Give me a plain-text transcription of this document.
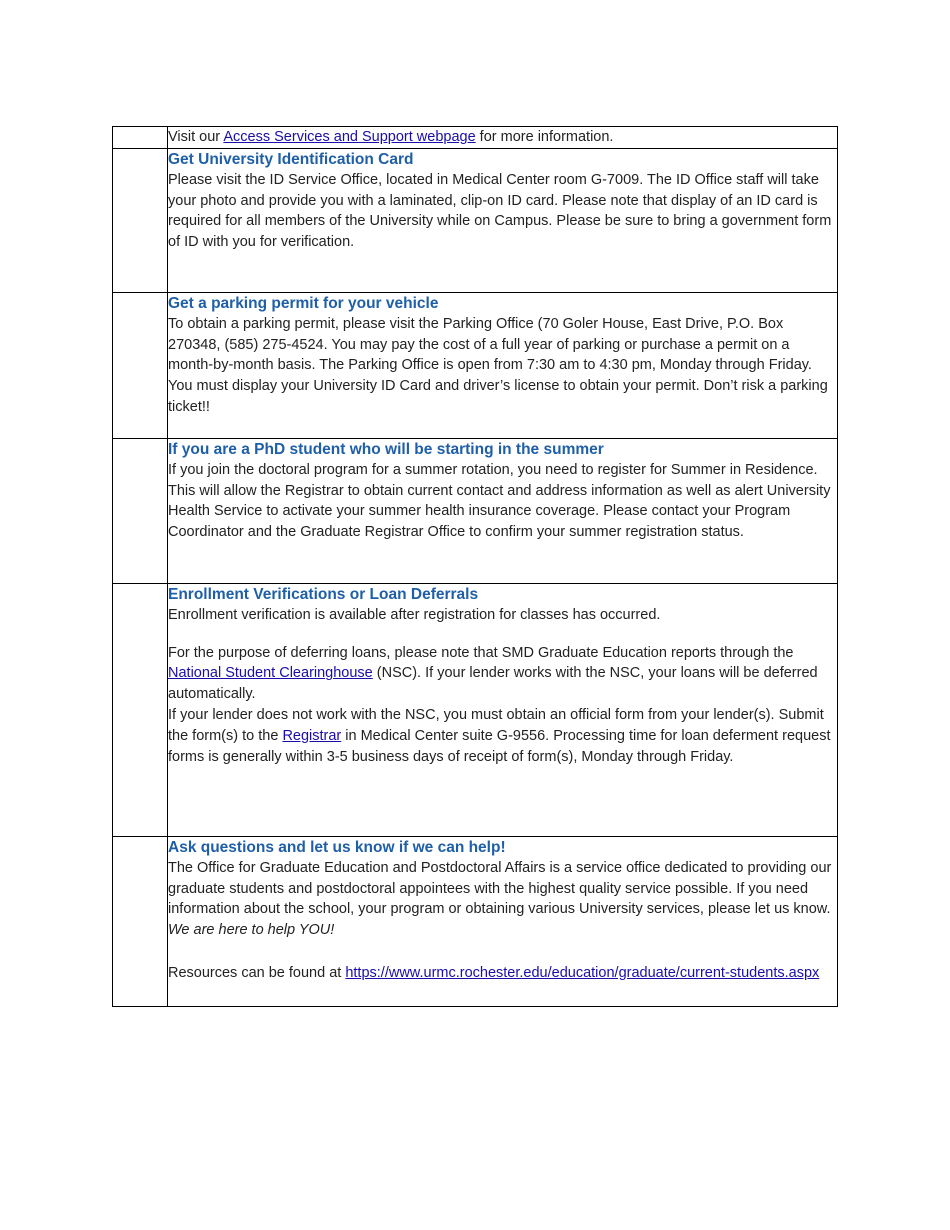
	Visit our Access Services and Support webpage for more information.

	Get University Identification Card

Please visit the ID Service Office, located in Medical Center room G-7009. The ID Office staff will take your photo and provide you with a laminated, clip-on ID card. Please note that display of an ID card is required for all members of the University while on Campus. Please be sure to bring a government form of ID with you for verification.

	Get a parking permit for your vehicle

To obtain a parking permit, please visit the Parking Office (70 Goler House, East Drive, P.O. Box 270348, (585) 275-4524. You may pay the cost of a full year of parking or purchase a permit on a month-by-month basis. The Parking Office is open from 7:30 am to 4:30 pm, Monday through Friday. You must display your University ID Card and driver’s license to obtain your permit. Don’t risk a parking ticket!!

	If you are a PhD student who will be starting in the summer

If you join the doctoral program for a summer rotation, you need to register for Summer in Residence. This will allow the Registrar to obtain current contact and address information as well as alert University Health Service to activate your summer health insurance coverage. Please contact your Program Coordinator and the Graduate Registrar Office to confirm your summer registration status.

	Enrollment Verifications or Loan Deferrals

Enrollment verification is available after registration for classes has occurred.

For the purpose of deferring loans, please note that SMD Graduate Education reports through the National Student Clearinghouse (NSC). If your lender works with the NSC, your loans will be deferred automatically.

If your lender does not work with the NSC, you must obtain an official form from your lender(s). Submit the form(s) to the Registrar in Medical Center suite G-9556. Processing time for loan deferment request forms is generally within 3-5 business days of receipt of form(s), Monday through Friday.

	Ask questions and let us know if we can help!

The Office for Graduate Education and Postdoctoral Affairs is a service office dedicated to providing our graduate students and postdoctoral appointees with the highest quality service possible. If you need information about the school, your program or obtaining various University services, please let us know. We are here to help YOU!

Resources can be found at https://www.urmc.rochester.edu/education/graduate/current-students.aspx
